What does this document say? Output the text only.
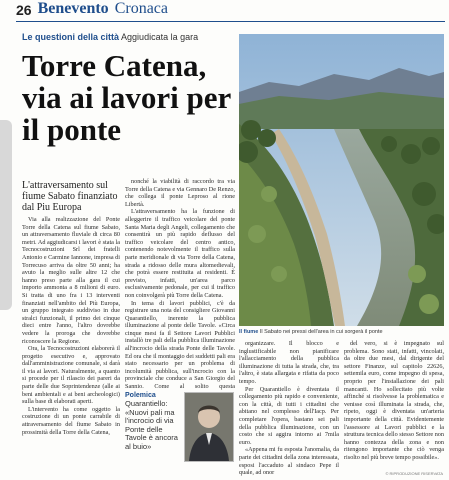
26 Benevento Cronaca
Le questioni della città Aggiudicata la gara
Torre Catena, via ai lavori per il ponte
L'attraversamento sul fiume Sabato finanziato dal Piu Europa

Via alla realizzazione del Ponte Torre della Catena sul fiume Sabato, un attraversamento fluviale di circa 80 metri. Ad aggiudicarsi i lavori è stata la Tecnocostruzioni Srl dei fratelli Antonio e Carmine Iannone, impresa di Torrecuso arriva da oltre 50 anni; ha avuto la meglio sulle altre 12 che hanno preso parte alla gara il cui importo ammonta a 8 milioni di euro. Si tratta di uno fra i 13 interventi finanziati nell'ambito del Più Europa, un gruppo integrato suddiviso in due stralci funzionali, il primo dei cinque dieci entre l'anno, l'altro dovrebbe vedere la proroga che dovrebbe riconoscere la Regione.

Ora, la Tecnocostruzioni elaborerà il progetto esecutivo e, approvato dall'amministrazione comunale, si darà il via ai lavori. Naturalmente, a quanto si procede per il rilascio dei pareri da parte delle due Soprintendenze (alle ai beni ambientali e ai beni archeologici) sulla base di elaborati aperti.

L'intervento ha come oggetto la costruzione di un ponte carrabile di attraversamento del fiume Sabato in prossimità della Torre della Catena,

nonché la viabilità di raccordo tra via Torre della Catena e via Gennaro De Renzo, che collega il ponte Leproso al rione Libertà.

L'attraversamento ha la funzione di alleggerire il traffico veicolare del ponte Santa Maria degli Angeli, collegamento che consentirà un più rapido deflusso del traffico veicolare del centro antico, contenendo notevolmente il traffico sulla parte meridionale di via Torre della Catena, strada a ridosso delle mura altomedievali, che potrà essere restituita ai residenti. È previsto, infatti, un'area parco esclusivamente pedonale, per cui il traffico non coinvolgerà più Torre della Catena.

In tema di lavori pubblici, c'è da registrare una nota del consigliere Giovanni Quarantiello, inerente la pubblica illuminazione al ponte delle Tavole. «Circa cinque mesi fa il Settore Lavori Pubblici installò tre pali della pubblica illuminazione all'incrocio della strada Ponte delle Tavole. Ed ora che il montaggio dei suddetti pali era stato necessario per un problema di incolumità pubblica, sull'incrocio con la provinciale che conduce a San Giorgio del Sannio. Come al solito questa

organizzare. Il blocco e inglustificabile non pianificare l'allacciamento della pubblica illuminazione di tutta la strada, che, tra l'altro, è stata allargata e rifatta da poco tempo.

Per Quarantiello è diventata il collegamento più rapido e conveniente, con la città, di tutti i cittadini che abitano nel complesso dell'Iacp. Per completare l'opera, bastano sei pali della pubblica illuminazione, con un costo che si aggira intorno ai 7mila euro.

«Appena mi fu esposta l'anomalia, da parte dei cittadini della zona interessata, esposi l'accaduto al sindaco Pepe il quale, ad onor

del vero, si è impegnato sul problema. Sono stati, infatti, vincolati, da oltre due mesi, dal dirigente del settore Finanze, sul capitolo 22626, settemila euro, come impegno di spesa, proprio per l'installazione dei pali mancanti. Ho sollecitato più volte affinché si risolvesse la problematica e venisse così illuminata la strada, che, ripeto, oggi è diventata un'arteria importante della città. Evidentemente l'assessore ai Lavori pubblici e la struttura tecnica dello stesso Settore non hanno contezza della zona e non ritengono importante che ciò venga risolto nel più breve tempo possibile».

Il fiume Il Sabato nei pressi dell'area in cui sorgerà il ponte
Polemica
Quarantiello: «Nuovi pali ma l'incrocio di via Ponte delle Tavole è ancora al buio»
© RIPRODUZIONE RISERVATA
